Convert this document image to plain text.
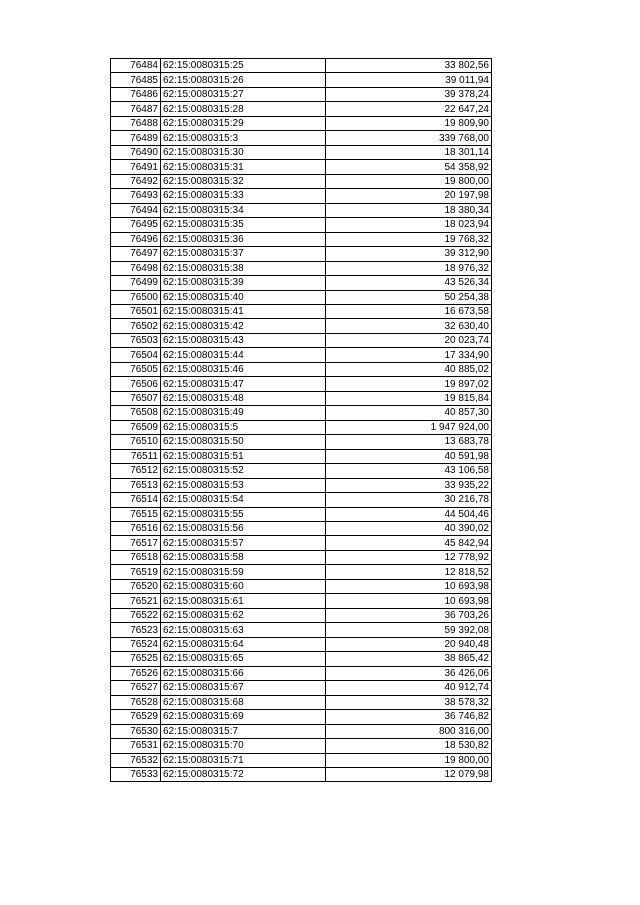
76484	62:15:0080315:25	33 802,56
76485	62:15:0080315:26	39 011,94
76486	62:15:0080315:27	39 378,24
76487	62:15:0080315:28	22 647,24
76488	62:15:0080315:29	19 809,90
76489	62:15:0080315:3	339 768,00
76490	62:15:0080315:30	18 301,14
76491	62:15:0080315:31	54 358,92
76492	62:15:0080315:32	19 800,00
76493	62:15:0080315:33	20 197,98
76494	62:15:0080315:34	18 380,34
76495	62:15:0080315:35	18 023,94
76496	62:15:0080315:36	19 768,32
76497	62:15:0080315:37	39 312,90
76498	62:15:0080315:38	18 976,32
76499	62:15:0080315:39	43 526,34
76500	62:15:0080315:40	50 254,38
76501	62:15:0080315:41	16 673,58
76502	62:15:0080315:42	32 630,40
76503	62:15:0080315:43	20 023,74
76504	62:15:0080315:44	17 334,90
76505	62:15:0080315:46	40 885,02
76506	62:15:0080315:47	19 897,02
76507	62:15:0080315:48	19 815,84
76508	62:15:0080315:49	40 857,30
76509	62:15:0080315:5	1 947 924,00
76510	62:15:0080315:50	13 683,78
76511	62:15:0080315:51	40 591,98
76512	62:15:0080315:52	43 106,58
76513	62:15:0080315:53	33 935,22
76514	62:15:0080315:54	30 216,78
76515	62:15:0080315:55	44 504,46
76516	62:15:0080315:56	40 390,02
76517	62:15:0080315:57	45 842,94
76518	62:15:0080315:58	12 778,92
76519	62:15:0080315:59	12 818,52
76520	62:15:0080315:60	10 693,98
76521	62:15:0080315:61	10 693,98
76522	62:15:0080315:62	36 703,26
76523	62:15:0080315:63	59 392,08
76524	62:15:0080315:64	20 940,48
76525	62:15:0080315:65	38 865,42
76526	62:15:0080315:66	36 426,06
76527	62:15:0080315:67	40 912,74
76528	62:15:0080315:68	38 578,32
76529	62:15:0080315:69	36 746,82
76530	62:15:0080315:7	800 316,00
76531	62:15:0080315:70	18 530,82
76532	62:15:0080315:71	19 800,00
76533	62:15:0080315:72	12 079,98
